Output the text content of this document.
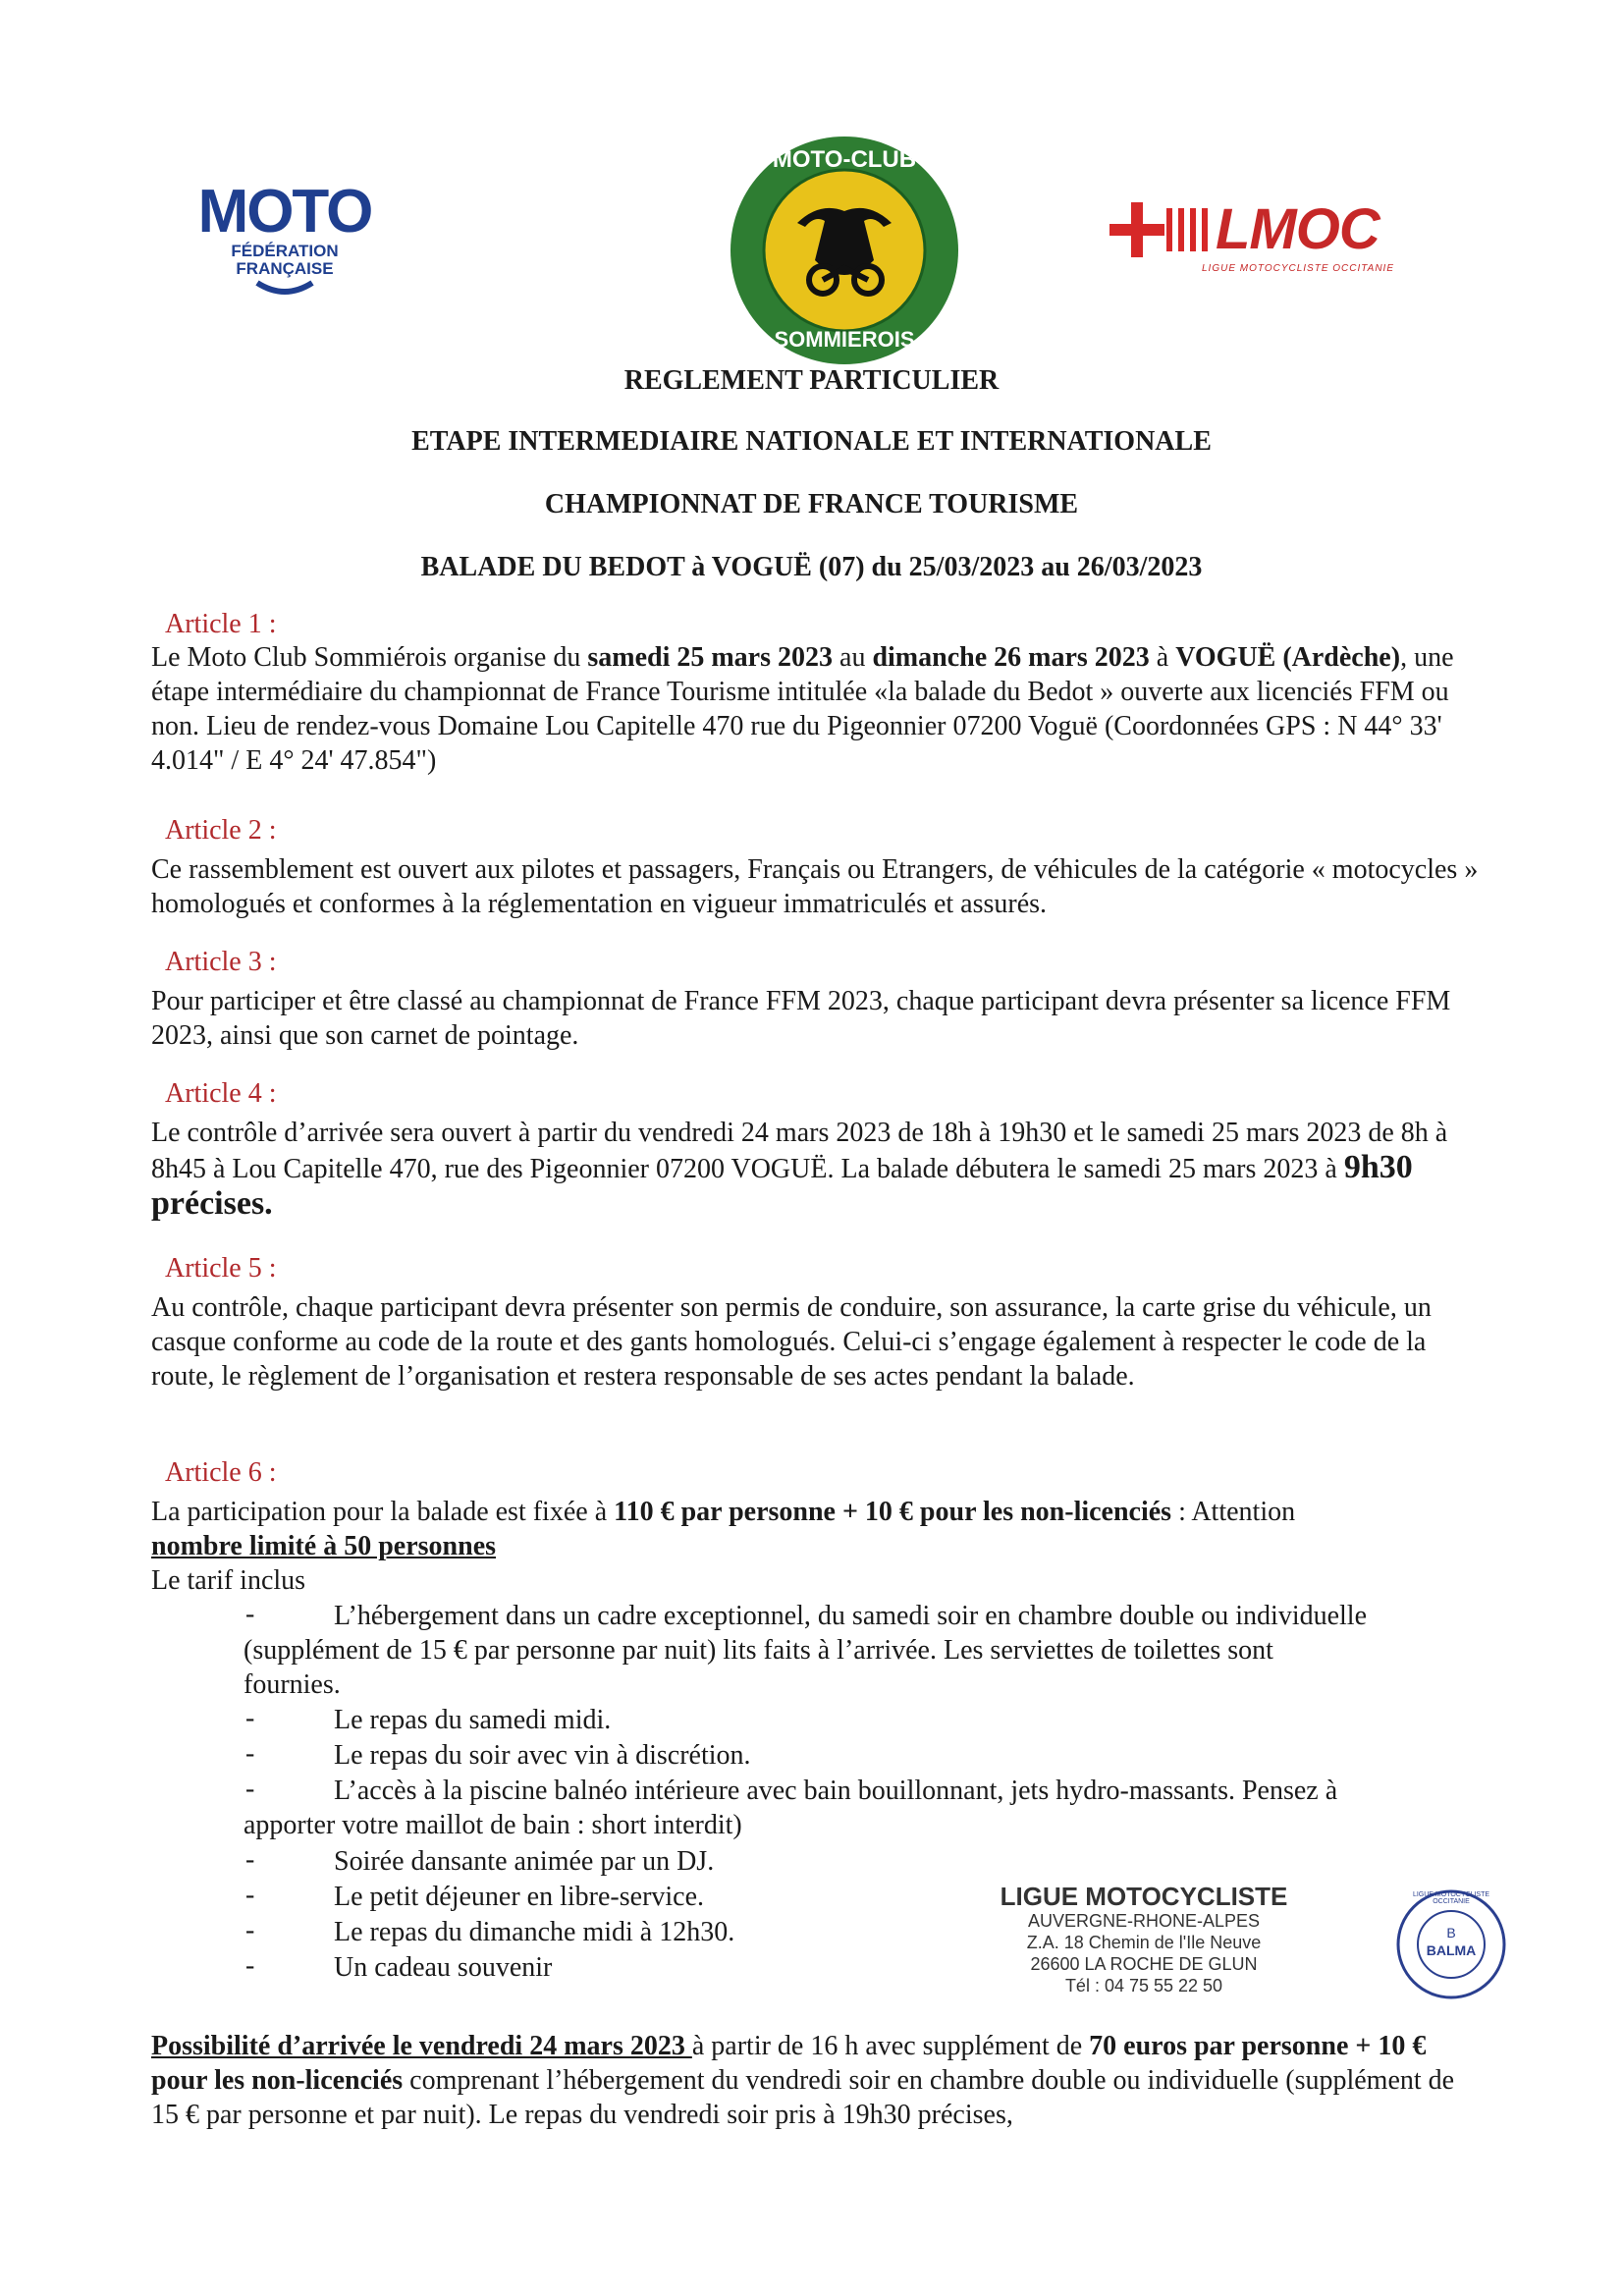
MOTO
FÉDÉRATION
FRANÇAISE
MOTO-CLUB
SOMMIEROIS
LMOC
LIGUE MOTOCYCLISTE OCCITANIE
REGLEMENT PARTICULIER
ETAPE INTERMEDIAIRE NATIONALE ET INTERNATIONALE
CHAMPIONNAT DE FRANCE TOURISME
BALADE DU BEDOT à VOGUË (07) du 25/03/2023 au 26/03/2023
Article 1 :
Le Moto Club Sommiérois organise du samedi 25 mars 2023 au dimanche 26 mars 2023 à VOGUË (Ardèche), une étape intermédiaire du championnat de France Tourisme intitulée «la balade du Bedot » ouverte aux licenciés FFM ou non. Lieu de rendez-vous Domaine Lou Capitelle 470 rue du Pigeonnier 07200 Voguë (Coordonnées GPS : N 44° 33' 4.014" / E 4° 24' 47.854")
Article 2 :
Ce rassemblement est ouvert aux pilotes et passagers, Français ou Etrangers, de véhicules de la catégorie « motocycles » homologués et conformes à la réglementation en vigueur immatriculés et assurés.
Article 3 :
Pour participer et être classé au championnat de France FFM 2023, chaque participant devra présenter sa licence FFM 2023, ainsi que son carnet de pointage.
Article 4 :
Le contrôle d’arrivée sera ouvert à partir du vendredi 24 mars 2023 de 18h à 19h30 et le samedi 25 mars 2023 de 8h à 8h45 à Lou Capitelle 470, rue des Pigeonnier 07200 VOGUË. La balade débutera le samedi 25 mars 2023 à 9h30 précises.
Article 5 :
Au contrôle, chaque participant devra présenter son permis de conduire, son assurance, la carte grise du véhicule, un casque conforme au code de la route et des gants homologués. Celui-ci s’engage également à respecter le code de la route, le règlement de l’organisation et restera responsable de ses actes pendant la balade.
Article 6 :
La participation pour la balade est fixée à 110 € par personne + 10 € pour les non-licenciés : Attention
nombre limité à 50 personnes
Le tarif inclus
-	L’hébergement dans un cadre exceptionnel, du samedi soir en chambre double ou individuelle
(supplément de 15 € par personne par nuit) lits faits à l’arrivée. Les serviettes de toilettes sont
fournies.
-	Le repas du samedi midi.
-	Le repas du soir avec vin à discrétion.
-	L’accès à la piscine balnéo intérieure avec bain bouillonnant, jets hydro-massants. Pensez à
apporter votre maillot de bain : short interdit)
-	Soirée dansante animée par un DJ.
-	Le petit déjeuner en libre-service.
-	Le repas du dimanche midi à 12h30.
-	Un cadeau souvenir
LIGUE MOTOCYCLISTE
AUVERGNE-RHONE-ALPES
Z.A. 18 Chemin de l'Ile Neuve
26600 LA ROCHE DE GLUN
Tél : 04 75 55 22 50
B
BALMA
LIGUE MOTOCYCLISTE OCCITANIE
Possibilité d’arrivée le vendredi 24 mars 2023 à partir de 16 h avec supplément de 70 euros par personne + 10 € pour les non-licenciés comprenant l’hébergement du vendredi soir en chambre double ou individuelle (supplément de 15 € par personne et par nuit). Le repas du vendredi soir pris à 19h30 précises,
